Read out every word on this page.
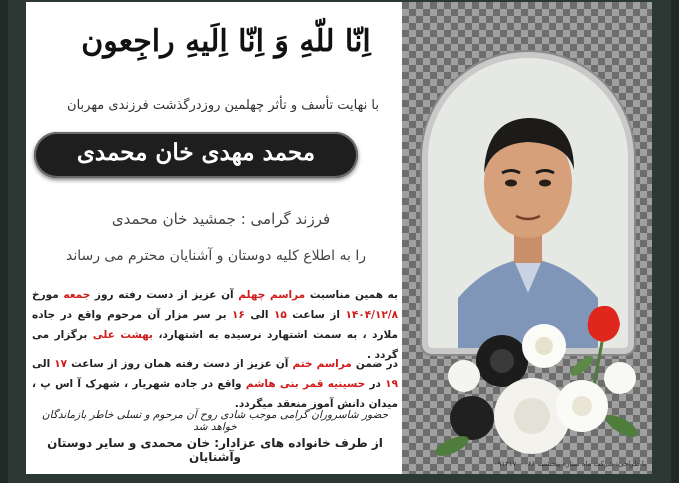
اِنّا للّهِ وَ اِنّا اِلَیهِ راجِعون
با نهایت تأسف و تأثر چهلمین روزدرگذشت فرزندی مهربان
محمد مهدی خان محمدی
فرزند گرامی : جمشید خان محمدی
را به اطلاع کلیه دوستان و آشنایان محترم می رساند
به همین مناسبت مراسم چهلم آن عزیز از دست رفته روز جمعه مورخ ۱۴۰۴/۱۲/۸ از ساعت ۱۵ الی ۱۶ بر سر مزار آن مرحوم واقع در جاده ملارد ، به سمت اشتهارد نرسیده به اشتهارد، بهشت علی برگزار می گردد .
در ضمن مراسم ختم آن عزیز از دست رفته همان روز از ساعت ۱۷ الی ۱۹ در حسینیه قمر بنی هاشم واقع در جاده شهریار ، شهرک آ اس پ ، میدان دانش آموز منعقد میگردد.
حضور شاسروران گرامی موجب شادی روح آن مرحوم و تسلی خاطر بازماندگان خواهد شد
از طرف خانواده های عزادار: خان محمدی و سایر دوستان وآشنایان	با طراحی: شرکت ماه ستاره پنجشنبه ۰۹۱۲۱۷۰۰۰۶۶
